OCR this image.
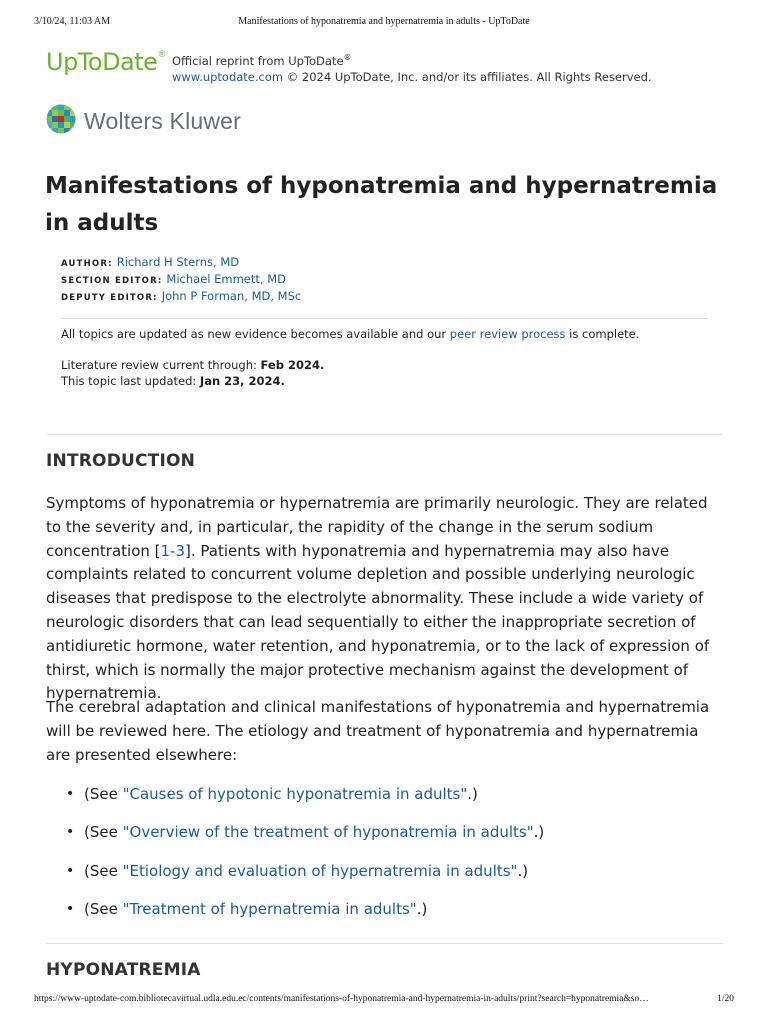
3/10/24, 11:03 AM	Manifestations of hyponatremia and hypernatremia in adults - UpToDate
UpToDate® Official reprint from UpToDate®
www.uptodate.com © 2024 UpToDate, Inc. and/or its affiliates. All Rights Reserved.
Wolters Kluwer
Manifestations of hyponatremia and hypernatremia in adults
AUTHOR: Richard H Sterns, MD
SECTION EDITOR: Michael Emmett, MD
DEPUTY EDITOR: John P Forman, MD, MSc
All topics are updated as new evidence becomes available and our peer review process is complete.
Literature review current through: Feb 2024.
This topic last updated: Jan 23, 2024.
INTRODUCTION

Symptoms of hyponatremia or hypernatremia are primarily neurologic. They are related to the severity and, in particular, the rapidity of the change in the serum sodium concentration [1-3]. Patients with hyponatremia and hypernatremia may also have complaints related to concurrent volume depletion and possible underlying neurologic diseases that predispose to the electrolyte abnormality. These include a wide variety of neurologic disorders that can lead sequentially to either the inappropriate secretion of antidiuretic hormone, water retention, and hyponatremia, or to the lack of expression of thirst, which is normally the major protective mechanism against the development of hypernatremia.

The cerebral adaptation and clinical manifestations of hyponatremia and hypernatremia will be reviewed here. The etiology and treatment of hyponatremia and hypernatremia are presented elsewhere:

• (See "Causes of hypotonic hyponatremia in adults".)
• (See "Overview of the treatment of hyponatremia in adults".)
• (See "Etiology and evaluation of hypernatremia in adults".)
• (See "Treatment of hypernatremia in adults".)
HYPONATREMIA
https://www-uptodate-com.bibliotecavirtual.udla.edu.ec/contents/manifestations-of-hyponatremia-and-hypernatremia-in-adults/print?search=hyponatremia&so…	1/20
